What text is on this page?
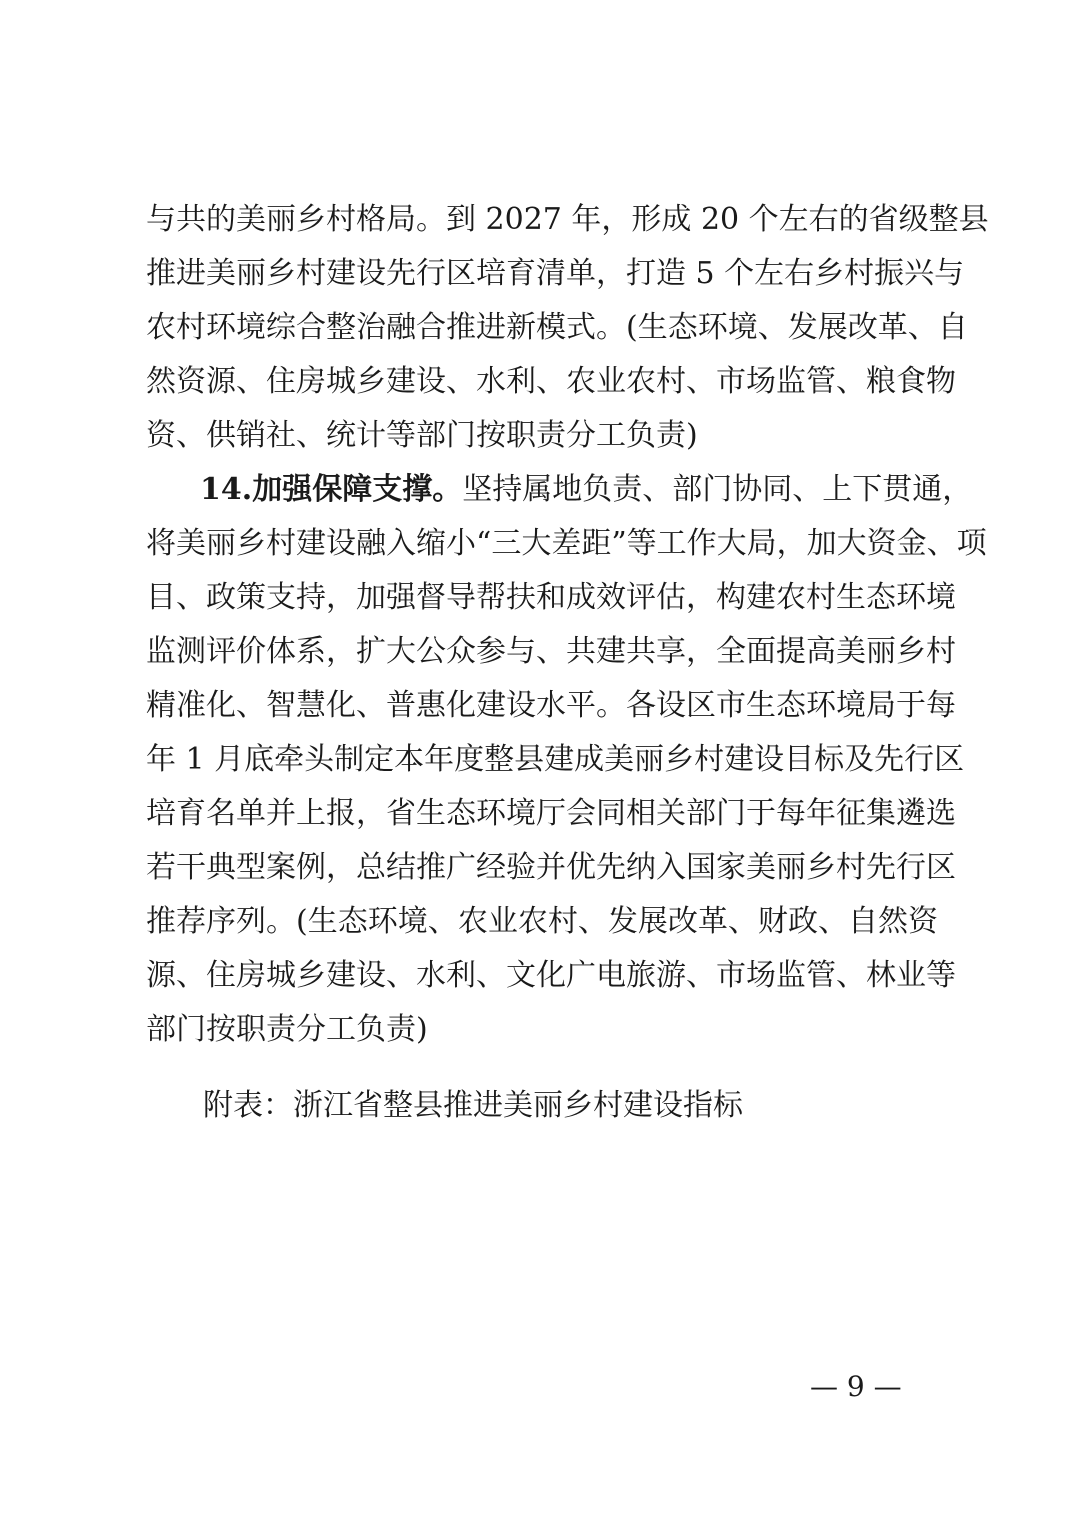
与共的美丽乡村格局。到 2027 年，形成 20 个左右的省级整县
推进美丽乡村建设先行区培育清单，打造 5 个左右乡村振兴与
农村环境综合整治融合推进新模式。(生态环境、发展改革、自
然资源、住房城乡建设、水利、农业农村、市场监管、粮食物
资、供销社、统计等部门按职责分工负责)
14.加强保障支撑。坚持属地负责、部门协同、上下贯通，
将美丽乡村建设融入缩小“三大差距”等工作大局，加大资金、项
目、政策支持，加强督导帮扶和成效评估，构建农村生态环境
监测评价体系，扩大公众参与、共建共享，全面提高美丽乡村
精准化、智慧化、普惠化建设水平。各设区市生态环境局于每
年 1 月底牵头制定本年度整县建成美丽乡村建设目标及先行区
培育名单并上报，省生态环境厅会同相关部门于每年征集遴选
若干典型案例，总结推广经验并优先纳入国家美丽乡村先行区
推荐序列。(生态环境、农业农村、发展改革、财政、自然资
源、住房城乡建设、水利、文化广电旅游、市场监管、林业等
部门按职责分工负责)
附表：浙江省整县推进美丽乡村建设指标
— 9 —
